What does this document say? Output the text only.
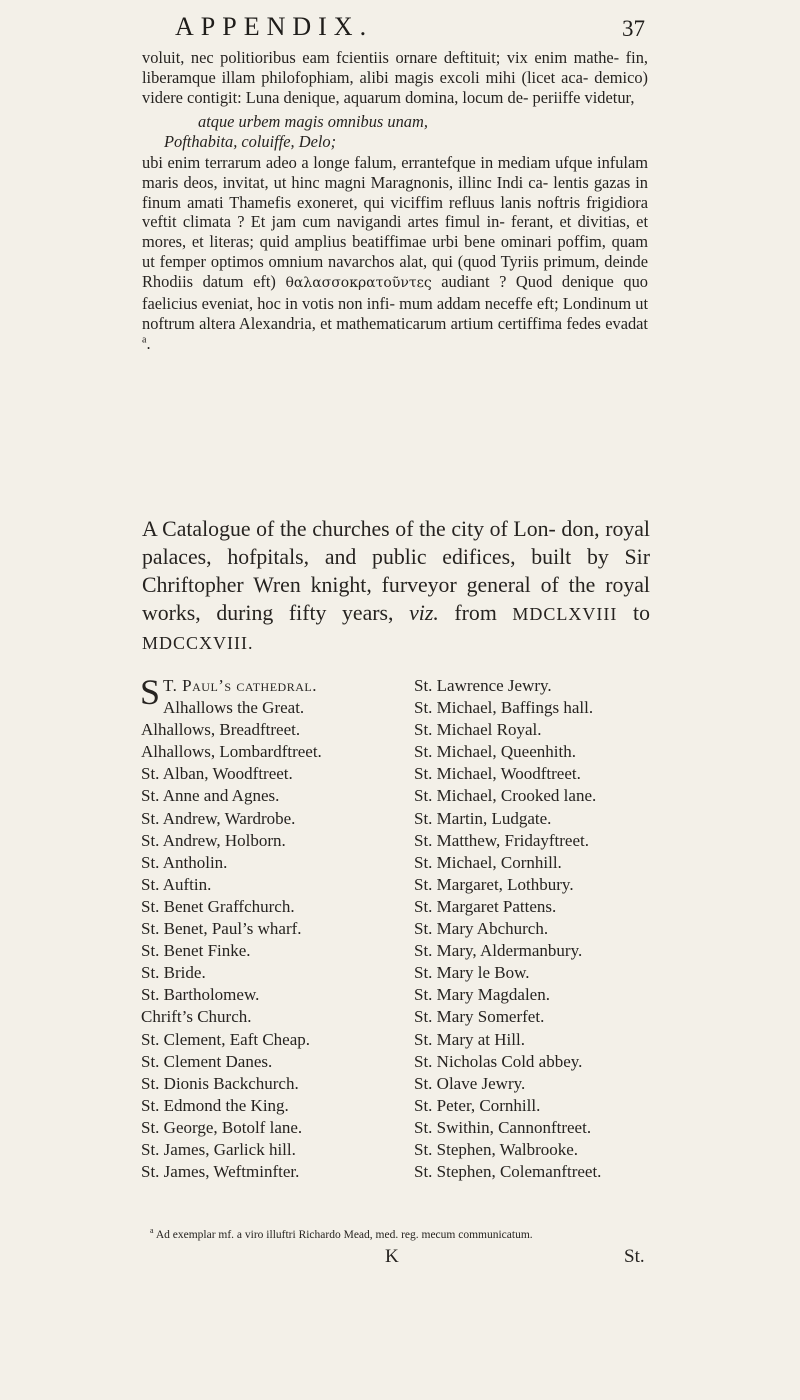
APPENDIX.	37

voluit, nec politioribus eam fcientiis ornare deftituit; vix enim mathe- fin, liberamque illam philofophiam, alibi magis excoli mihi (licet aca- demico) videre contigit: Luna denique, aquarum domina, locum de- periiffe videtur,

atque urbem magis omnibus unam,
Pofthabita, coluiffe, Delo;

ubi enim terrarum adeo a longe falum, errantefque in mediam ufque infulam maris deos, invitat, ut hinc magni Maragnonis, illinc Indi ca- lentis gazas in finum amati Thamefis exoneret, qui viciffim refluus lanis noftris frigidiora veftit climata ? Et jam cum navigandi artes fimul in- ferant, et divitias, et mores, et literas; quid amplius beatiffimae urbi bene ominari poffim, quam ut femper optimos omnium navarchos alat, qui (quod Tyriis primum, deinde Rhodiis datum eft) θαλασσοκρατοῦντες audiant ? Quod denique quo faelicius eveniat, hoc in votis non infi- mum addam neceffe eft; Londinum ut noftrum altera Alexandria, et mathematicarum artium certiffima fedes evadat $^a$.

A Catalogue of the churches of the city of Lon- don, royal palaces, hofpitals, and public edifices, built by Sir Chriftopher Wren knight, furveyor general of the royal works, during fifty years, viz. from MDCLXVIII to MDCCXVIII.
S T. Paul’s cathedral.
Alhallows the Great.
Alhallows, Breadftreet.
Alhallows, Lombardftreet.
St. Alban, Woodftreet.
St. Anne and Agnes.
St. Andrew, Wardrobe.
St. Andrew, Holborn.
St. Antholin.
St. Auftin.
St. Benet Graffchurch.
St. Benet, Paul’s wharf.
St. Benet Finke.
St. Bride.
St. Bartholomew.
Chrift’s Church.
St. Clement, Eaft Cheap.
St. Clement Danes.
St. Dionis Backchurch.
St. Edmond the King.
St. George, Botolf lane.
St. James, Garlick hill.
St. James, Weftminfter.
St. Lawrence Jewry.
St. Michael, Baffings hall.
St. Michael Royal.
St. Michael, Queenhith.
St. Michael, Woodftreet.
St. Michael, Crooked lane.
St. Martin, Ludgate.
St. Matthew, Fridayftreet.
St. Michael, Cornhill.
St. Margaret, Lothbury.
St. Margaret Pattens.
St. Mary Abchurch.
St. Mary, Aldermanbury.
St. Mary le Bow.
St. Mary Magdalen.
St. Mary Somerfet.
St. Mary at Hill.
St. Nicholas Cold abbey.
St. Olave Jewry.
St. Peter, Cornhill.
St. Swithin, Cannonftreet.
St. Stephen, Walbrooke.
St. Stephen, Colemanftreet.
$^a$ Ad exemplar mf. a viro illuftri Richardo Mead, med. reg. mecum communicatum.
K	St.
